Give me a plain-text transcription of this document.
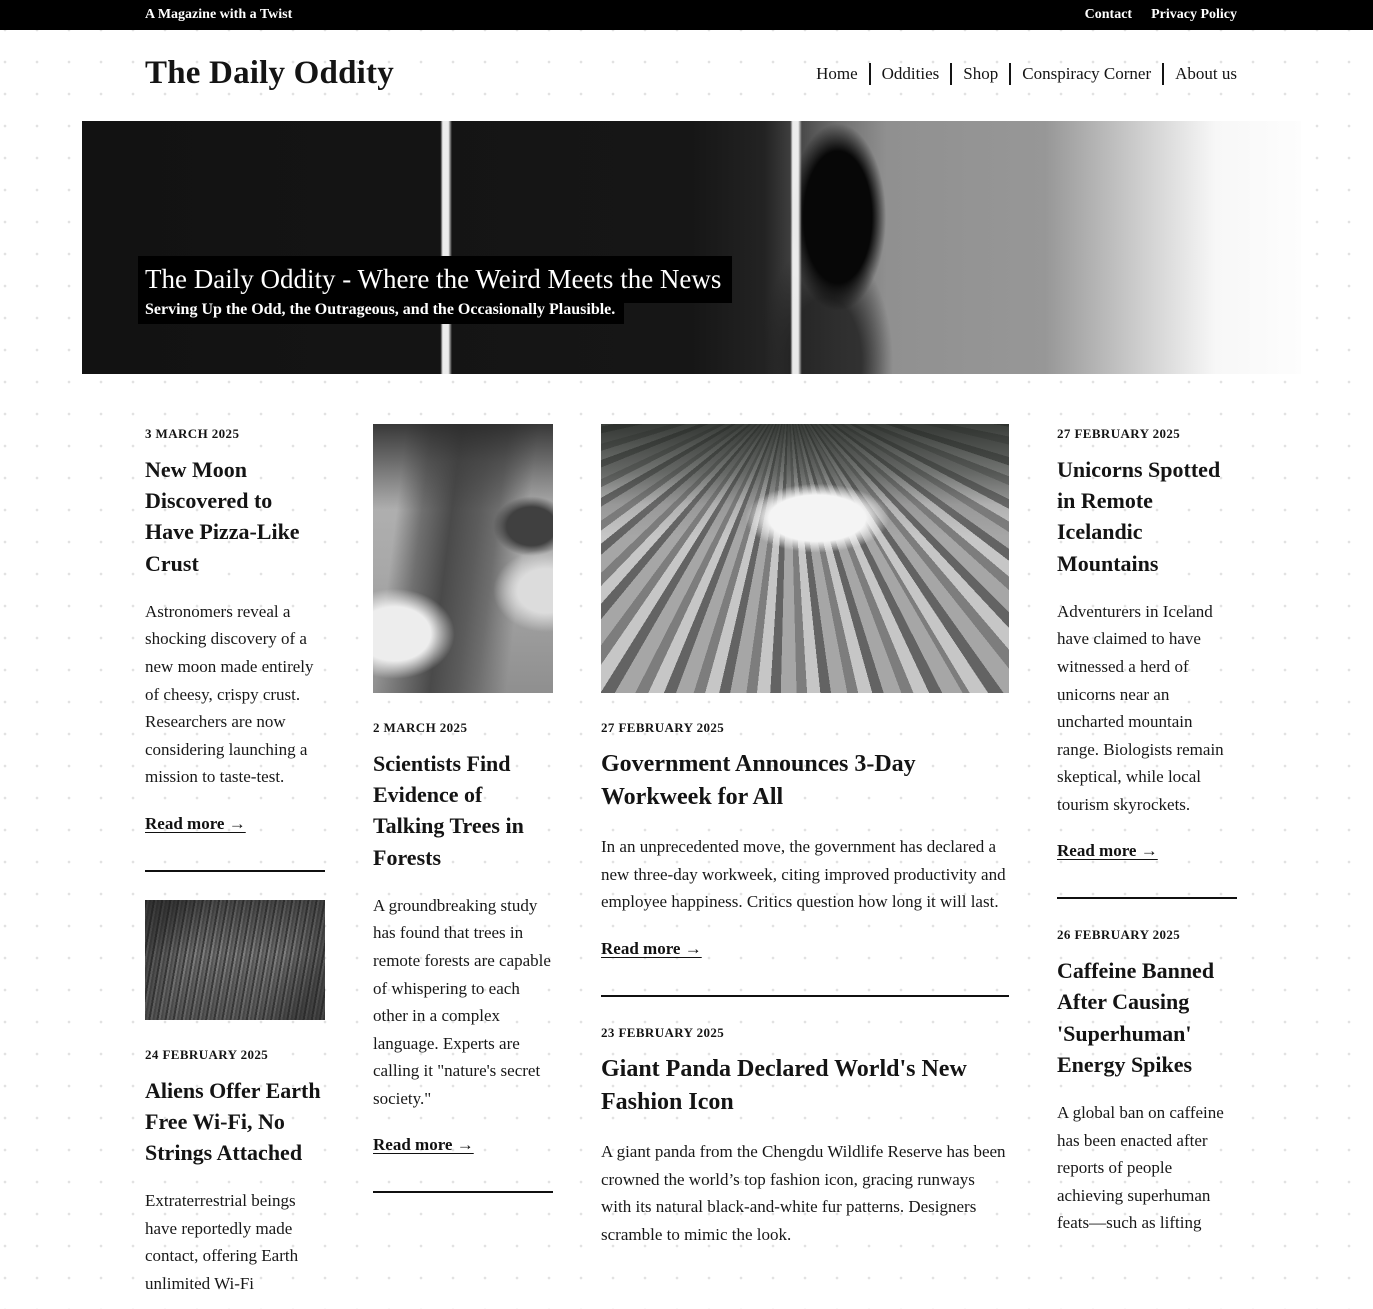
A Magazine with a Twist	Contact Privacy Policy
The Daily Oddity	Home Oddities Shop Conspiracy Corner About us
The Daily Oddity - Where the Weird Meets the News
Serving Up the Odd, the Outrageous, and the Occasionally Plausible.
3 MARCH 2025
New Moon Discovered to Have Pizza-Like Crust

Astronomers reveal a shocking discovery of a new moon made entirely of cheesy, crispy crust. Researchers are now considering launching a mission to taste-test.

Read more →
24 FEBRUARY 2025
Aliens Offer Earth Free Wi-Fi, No Strings Attached

Extraterrestrial beings have reportedly made contact, offering Earth unlimited Wi-Fi

2 MARCH 2025
Scientists Find Evidence of Talking Trees in Forests

A groundbreaking study has found that trees in remote forests are capable of whispering to each other in a complex language. Experts are calling it "nature's secret society."

Read more →
27 FEBRUARY 2025
Government Announces 3-Day Workweek for All

In an unprecedented move, the government has declared a new three-day workweek, citing improved productivity and employee happiness. Critics question how long it will last.

Read more →
23 FEBRUARY 2025
Giant Panda Declared World's New Fashion Icon

A giant panda from the Chengdu Wildlife Reserve has been crowned the world’s top fashion icon, gracing runways with its natural black-and-white fur patterns. Designers scramble to mimic the look.

27 FEBRUARY 2025
Unicorns Spotted in Remote Icelandic Mountains

Adventurers in Iceland have claimed to have witnessed a herd of unicorns near an uncharted mountain range. Biologists remain skeptical, while local tourism skyrockets.

Read more →
26 FEBRUARY 2025
Caffeine Banned After Causing 'Superhuman' Energy Spikes

A global ban on caffeine has been enacted after reports of people achieving superhuman feats—such as lifting
